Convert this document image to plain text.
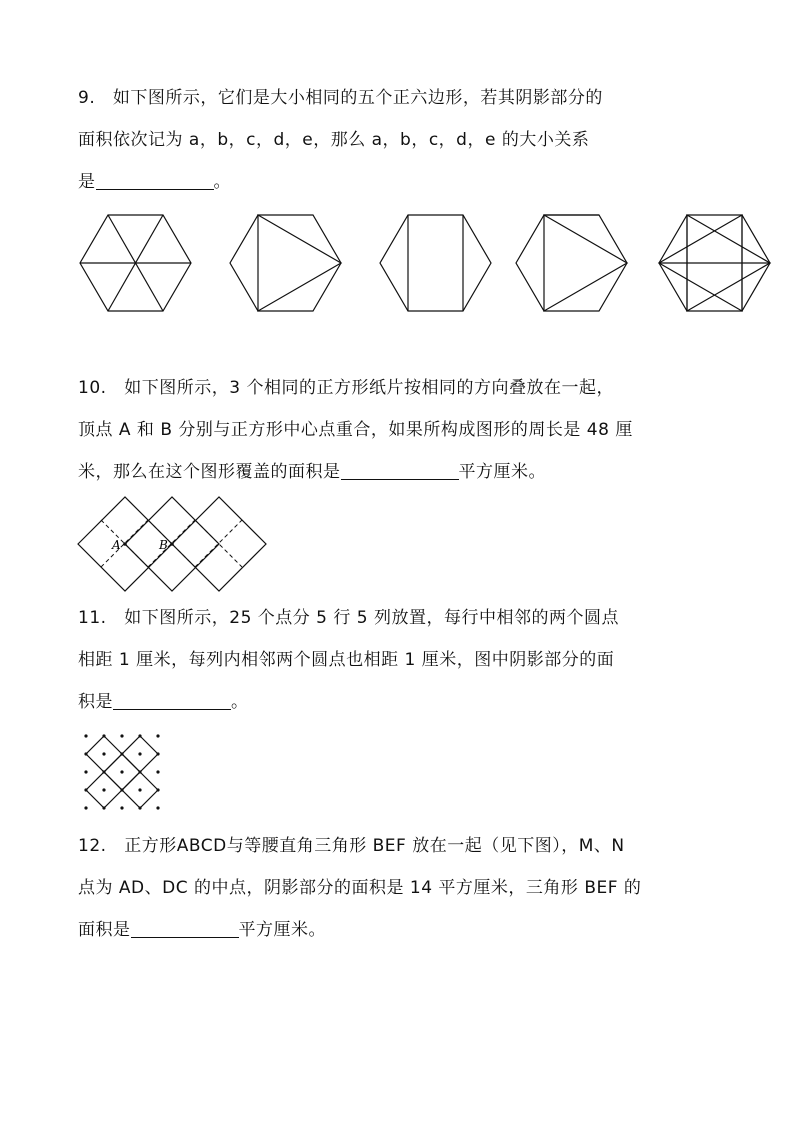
9.   如下图所示，它们是大小相同的五个正六边形，若其阴影部分的
面积依次记为 a，b，c，d，e，那么 a，b，c，d，e 的大小关系
是	。
10.   如下图所示，3 个相同的正方形纸片按相同的方向叠放在一起，
顶点 A 和 B 分别与正方形中心点重合，如果所构成图形的周长是 48 厘
米，那么在这个图形覆盖的面积是	平方厘米。
A	B
11.   如下图所示，25 个点分 5 行 5 列放置，每行中相邻的两个圆点
相距 1 厘米，每列内相邻两个圆点也相距 1 厘米，图中阴影部分的面
积是	。
12.   正方形ABCD与等腰直角三角形 BEF 放在一起（见下图），M、N
点为 AD、DC 的中点，阴影部分的面积是 14 平方厘米，三角形 BEF 的
面积是	平方厘米。
